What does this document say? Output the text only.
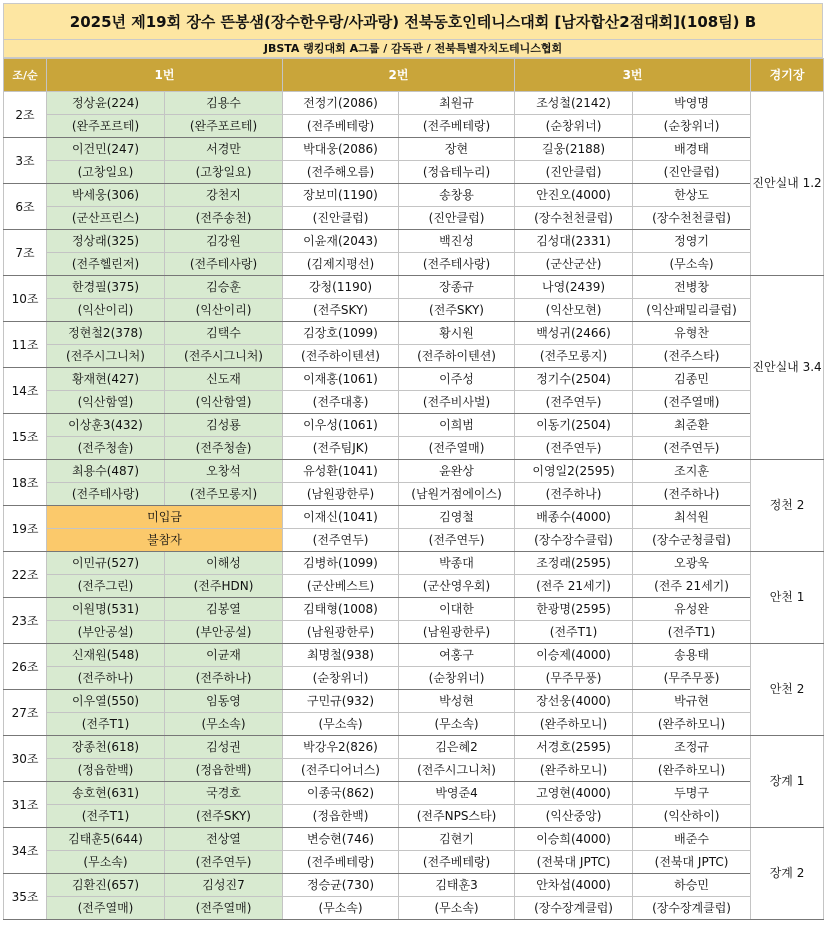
2025년 제19회 장수 뜬봉샘(장수한우랑/사과랑) 전북동호인테니스대회 [남자합산2점대회](108팀) B
JBSTA 랭킹대회 A그룹 / 감독관 / 전북특별자치도테니스협회
조/순	1번		2번		3번		경기장	
2조	정상윤(224)	김용수	전정기(2086)	최원규	조성철(2142)	박영명	진안실내 1.2	
	(완주포르테)	(완주포르테)	(전주베테랑)	(전주베테랑)	(순창위너)	(순창위너)		
3조	이건민(247)	서경만	박대웅(2086)	장현	길웅(2188)	배경태		
	(고창일요)	(고창일요)	(전주해오름)	(정읍테누리)	(진안클럽)	(진안클럽)		
6조	박세웅(306)	강천지	장보미(1190)	송창용	안진오(4000)	한상도		
	(군산프린스)	(전주송천)	(진안클럽)	(진안클럽)	(장수천천클럽)	(장수천천클럽)		
7조	정상래(325)	김강원	이윤재(2043)	백진성	김성대(2331)	정영기		
	(전주헬린저)	(전주테사랑)	(김제지평선)	(전주테사랑)	(군산군산)	(무소속)		
10조	한경필(375)	김승훈	강청(1190)	장종규	나영(2439)	전병창	진안실내 3.4	
	(익산이리)	(익산이리)	(전주SKY)	(전주SKY)	(익산모현)	(익산패밀리클럽)		
11조	정현철2(378)	김택수	김장호(1099)	황시원	백성귀(2466)	유형찬		
	(전주시그니처)	(전주시그니처)	(전주하이텐션)	(전주하이텐션)	(전주모롱지)	(전주스타)		
14조	황재현(427)	신도재	이재홍(1061)	이주성	정기수(2504)	김종민	
	(익산함열)	(익산함열)	(전주대홍)	(전주비사벌)	(전주연두)	(전주열매)		
15조	이상훈3(432)	김성룡	이우성(1061)	이희범	이동기(2504)	최준환		
	(전주청솔)	(전주청솔)	(전주팀JK)	(전주열매)	(전주연두)	(전주연두)		
18조	최용수(487)	오창석	유성환(1041)	윤완상	이영일2(2595)	조지훈	정천 2	
	(전주테사랑)	(전주모롱지)	(남원광한루)	(남원거점에이스)	(전주하나)	(전주하나)		
19조	미입금		이재신(1041)	김영철	배종수(4000)	최석원		
	불참자		(전주연두)	(전주연두)	(장수장수클럽)	(장수군청클럽)		
22조	이민규(527)	이해성	김병하(1099)	박종대	조정래(2595)	오광욱	안천 1	
	(전주그린)	(전주HDN)	(군산베스트)	(군산영우회)	(전주 21세기)	(전주 21세기)		
23조	이원명(531)	김봉열	김태형(1008)	이대한	한광명(2595)	유성완		
	(부안공설)	(부안공설)	(남원광한루)	(남원광한루)	(전주T1)	(전주T1)		
26조	신재원(548)	이균재	최명철(938)	여홍구	이승제(4000)	송용태	안천 2	
	(전주하나)	(전주하나)	(순창위너)	(순창위너)	(무주무풍)	(무주무풍)		
27조	이우열(550)	임동영	구민규(932)	박성현	장선웅(4000)	박규현		
	(전주T1)	(무소속)	(무소속)	(무소속)	(완주하모니)	(완주하모니)		
30조	장종천(618)	김성권	박강우2(826)	김은혜2	서경호(2595)	조정규	장계 1	
	(정읍한백)	(정읍한백)	(전주디어너스)	(전주시그니처)	(완주하모니)	(완주하모니)		
31조	송호현(631)	국경호	이종국(862)	박영준4	고영현(4000)	두명구		
	(전주T1)	(전주SKY)	(정읍한백)	(전주NPS스타)	(익산중앙)	(익산하이)		
34조	김태훈5(644)	전상열	변승현(746)	김현기	이승희(4000)	배준수	장계 2	
	(무소속)	(전주연두)	(전주베테랑)	(전주베테랑)	(전북대 JPTC)	(전북대 JPTC)		
35조	김환진(657)	김성진7	정승균(730)	김태훈3	안차섭(4000)	하승민		
	(전주열매)	(전주열매)	(무소속)	(무소속)	(장수장계클럽)	(장수장계클럽)		
